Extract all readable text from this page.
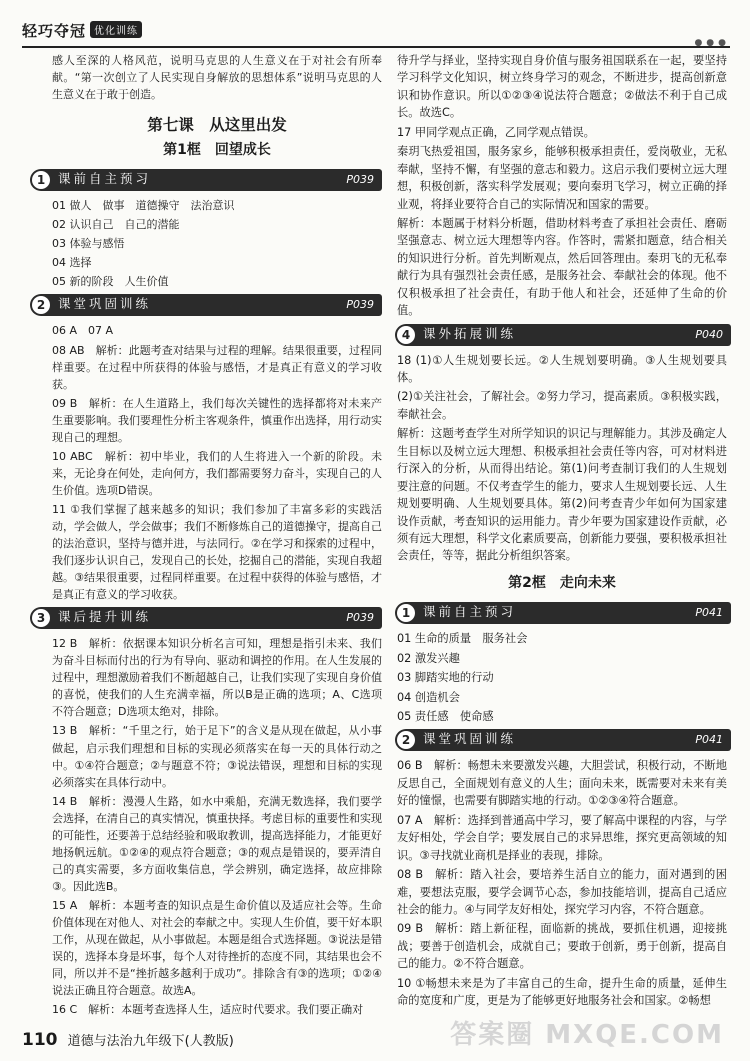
轻巧夺冠 优化训练
●●●

感人至深的人格风范，说明马克思的人生意义在于对社会有所奉献。“第一次创立了人民实现自身解放的思想体系”说明马克思的人生意义在于敢于创造。

第七课　从这里出发
第1框　回望成长
1	课前自主预习	P039

01 做人　做事　道德操守　法治意识

02 认识自己　自己的潜能

03 体验与感悟

04 选择

05 新的阶段　人生价值

2	课堂巩固训练	P039

06 A　07 A

08 AB　解析：此题考查对结果与过程的理解。结果很重要，过程同样重要。在过程中所获得的体验与感悟，才是真正有意义的学习收获。

09 B　解析：在人生道路上，我们每次关键性的选择都将对未来产生重要影响。我们要理性分析主客观条件，慎重作出选择，用行动实现自己的理想。

10 ABC　解析：初中毕业，我们的人生将进入一个新的阶段。未来，无论身在何处，走向何方，我们都需要努力奋斗，实现自己的人生价值。选项D错误。

11 ①我们掌握了越来越多的知识；我们参加了丰富多彩的实践活动，学会做人，学会做事；我们不断修炼自己的道德操守，提高自己的法治意识，坚持与德并进，与法同行。②在学习和探索的过程中，我们逐步认识自己，发现自己的长处，挖掘自己的潜能，实现自我超越。③结果很重要，过程同样重要。在过程中获得的体验与感悟，才是真正有意义的学习收获。

3	课后提升训练	P039

12 B　解析：依据课本知识分析名言可知，理想是指引未来、我们为奋斗目标而付出的行为有导向、驱动和调控的作用。在人生发展的过程中，理想激励着我们不断超越自己，让我们实现了实现自身价值的喜悦，使我们的人生充满幸福，所以B是正确的选项；A、C选项不符合题意；D选项太绝对，排除。

13 B　解析：“千里之行，始于足下”的含义是从现在做起，从小事做起，启示我们理想和目标的实现必须落实在每一天的具体行动之中。①④符合题意；②与题意不符；③说法错误，理想和目标的实现必须落实在具体行动中。

14 B　解析：漫漫人生路，如水中乘船，充满无数选择，我们要学会选择，在清自己的真实情况，慎重抉择。考虑目标的重要性和实现的可能性，还要善于总结经验和吸取教训，提高选择能力，才能更好地扬帆远航。①②④的观点符合题意；③的观点是错误的，要弄清自己的真实需要，多方面收集信息，学会辨别，确定选择，故应排除③。因此选B。

15 A　解析：本题考查的知识点是生命价值以及适应社会等。生命价值体现在对他人、对社会的奉献之中。实现人生价值，要干好本职工作，从现在做起，从小事做起。本题是组合式选择题。③说法是错误的，选择本身是坏事，每个人对待挫折的态度不同，其结果也会不同，所以并不是“挫折越多越利于成功”。排除含有③的选项；①②④说法正确且符合题意。故选A。

16 C　解析：本题考查选择人生，适应时代要求。我们要正确对

待升学与择业，坚持实现自身价值与服务祖国联系在一起，要坚持学习科学文化知识，树立终身学习的观念，不断进步，提高创新意识和协作意识。所以①②③④说法符合题意；②做法不利于自己成长。故选C。

17 甲同学观点正确，乙同学观点错误。

秦玥飞热爱祖国，服务家乡，能够积极承担责任，爱岗敬业，无私奉献，坚持不懈，有坚强的意志和毅力。这启示我们要树立远大理想，积极创新，落实科学发展观；要向秦玥飞学习，树立正确的择业观，将择业要符合自己的实际情况和国家的需要。

解析：本题属于材料分析题，借助材料考查了承担社会责任、磨砺坚强意志、树立远大理想等内容。作答时，需紧扣题意，结合相关的知识进行分析。首先判断观点，然后回答理由。秦玥飞的无私奉献行为具有强烈社会责任感，是服务社会、奉献社会的体现。他不仅积极承担了社会责任，有助于他人和社会，还延伸了生命的价值。

4	课外拓展训练	P040

18 (1)①人生规划要长远。②人生规划要明确。③人生规划要具体。

(2)①关注社会，了解社会。②努力学习，提高素质。③积极实践，奉献社会。

解析：这题考查学生对所学知识的识记与理解能力。其涉及确定人生目标以及树立远大理想、积极承担社会责任等内容，可对材料进行深入的分析，从而得出结论。第(1)问考查制订我们的人生规划要注意的问题。不仅考查学生的能力，要求人生规划要长远、人生规划要明确、人生规划要具体。第(2)问考查青少年如何为国家建设作贡献，考查知识的运用能力。青少年要为国家建设作贡献，必须有远大理想，科学文化素质要高，创新能力要强，要积极承担社会责任，等等，据此分析组织答案。

第2框　走向未来
1	课前自主预习	P041

01 生命的质量　服务社会

02 激发兴趣

03 脚踏实地的行动

04 创造机会

05 责任感　使命感

2	课堂巩固训练	P041

06 B　解析：畅想未来要激发兴趣，大胆尝试，积极行动，不断地反思自己，全面规划有意义的人生；面向未来，既需要对未来有美好的憧憬，也需要有脚踏实地的行动。①②③④符合题意。

07 A　解析：选择到普通高中学习，要了解高中课程的内容，与学友好相处，学会自学；要发展自己的求异思维，探究更高领域的知识。③寻找就业商机是择业的表现，排除。

08 B　解析：踏入社会，要培养生活自立的能力，面对遇到的困难，要想法克服，要学会调节心态，参加技能培训，提高自己适应社会的能力。④与同学友好相处，探究学习内容，不符合题意。

09 B　解析：踏上新征程，面临新的挑战，要抓住机遇，迎接挑战；要善于创造机会，成就自己；要敢于创新，勇于创新，提高自己的能力。②不符合题意。

10 ①畅想未来是为了丰富自己的生命，提升生命的质量，延伸生命的宽度和广度，更是为了能够更好地服务社会和国家。②畅想

110 道德与法治九年级下(人教版)	答案圈 MXQE.COM
